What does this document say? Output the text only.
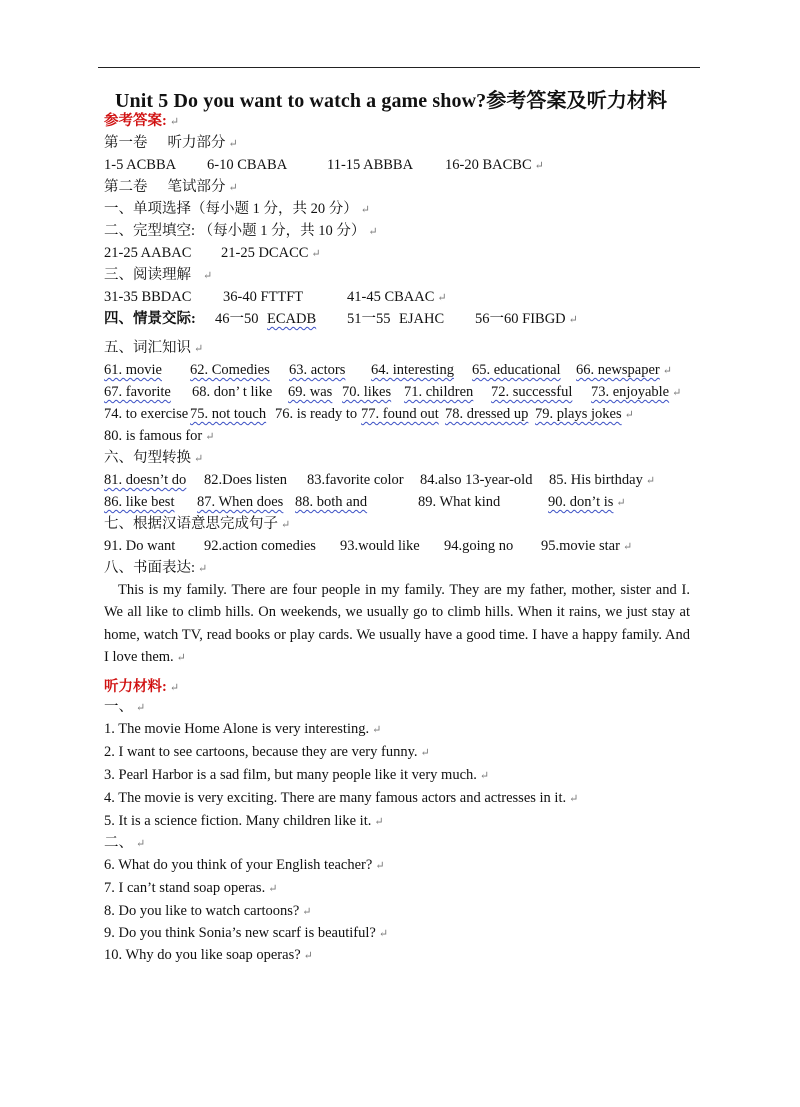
Unit 5 Do you want to watch a game show?参考答案及听力材料
参考答案: ↵
第一卷 听力部分 ↵
1-5 ACBBA 6-10 CBABA	11-15 ABBBA 16-20 BACBC ↵
第二卷 笔试部分 ↵
一、单项选择（每小题 1 分，共 20 分） ↵
二、完型填空: （每小题 1 分，共 10 分） ↵
21-25 AABAC 21-25 DCACC ↵
三、阅读理解 ↵
31-35 BBDAC 36-40 FTTFT	41-45 CBAAC ↵
四、情景交际: 46一50 ECADB 51一55 EJAHC 56一60 FIBGD ↵
五、词汇知识 ↵
61. movie 62. Comedies 63. actors 64. interesting 65. educational 66. newspaper ↵
67. favorite 68. don’ t like 69. was 70. likes 71. children 72. successful 73. enjoyable ↵
74. to exercise 75. not touch 76. is ready to 77. found out 78. dressed up 79. plays jokes ↵
80. is famous for ↵
六、句型转换 ↵
81. doesn’t do 82.Does listen 83.favorite color 84.also 13-year-old 85. His birthday ↵
86. like best 87. When does 88. both and	89. What kind	90. don’t is ↵
七、根据汉语意思完成句子 ↵
91. Do want 92.action comedies 93.would like 94.going no 95.movie star ↵
八、书面表达: ↵
This is my family. There are four people in my family. They are my father, mother, sister and I. We all like to climb hills. On weekends, we usually go to climb hills. When it rains, we just stay at home, watch TV, read books or play cards. We usually have a good time. I have a happy family. And I love them. ↵
听力材料: ↵
一、 ↵
1. The movie Home Alone is very interesting. ↵
2. I want to see cartoons, because they are very funny. ↵
3. Pearl Harbor is a sad film, but many people like it very much. ↵
4. The movie is very exciting. There are many famous actors and actresses in it. ↵
5. It is a science fiction. Many children like it. ↵
二、 ↵
6. What do you think of your English teacher? ↵
7. I can’t stand soap operas. ↵
8. Do you like to watch cartoons? ↵
9. Do you think Sonia’s new scarf is beautiful? ↵
10. Why do you like soap operas? ↵
